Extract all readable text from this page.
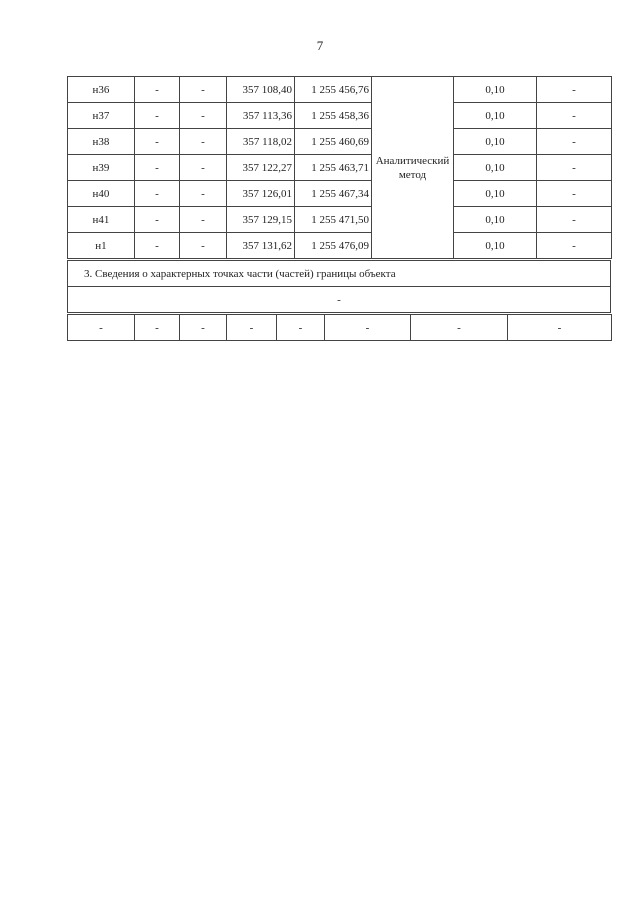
7
н36	-	-	357 108,40	1 255 456,76	Аналитический метод	0,10	-
н37	-	-	357 113,36	1 255 458,36		0,10	-
н38	-	-	357 118,02	1 255 460,69		0,10	-
н39	-	-	357 122,27	1 255 463,71		0,10	-
н40	-	-	357 126,01	1 255 467,34		0,10	-
н41	-	-	357 129,15	1 255 471,50		0,10	-
н1	-	-	357 131,62	1 255 476,09		0,10	-
3. Сведения о характерных точках части (частей) границы объекта
-
-	-	-	-	-	-	-	-
